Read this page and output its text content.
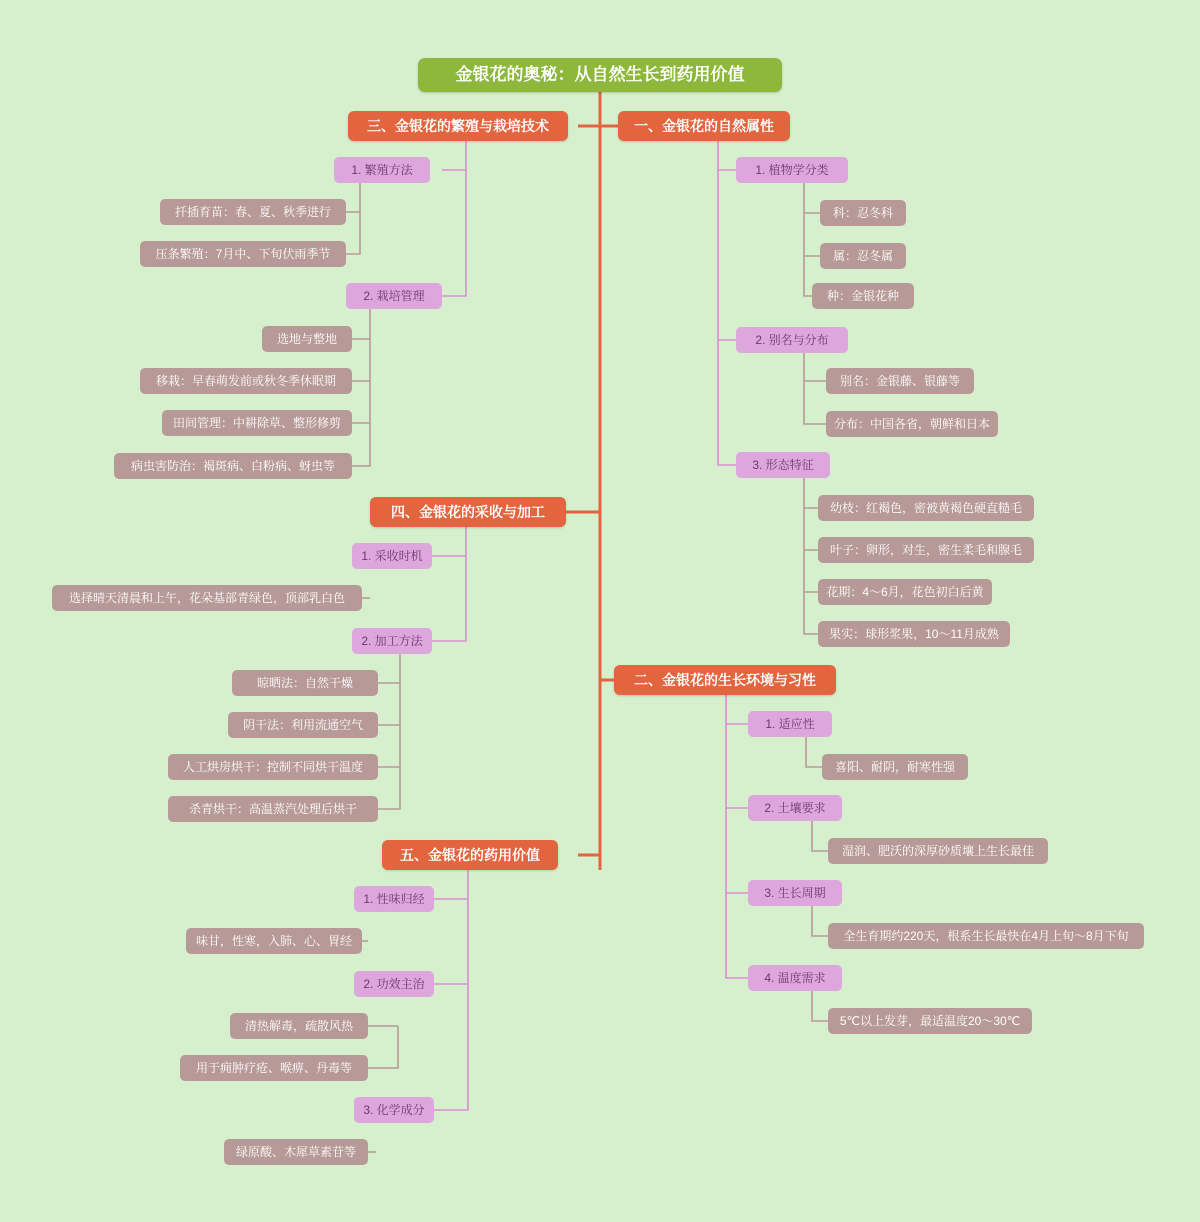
金银花的奥秘：从自然生长到药用价值
一、金银花的自然属性
1. 植物学分类
科：忍冬科
属：忍冬属
种：金银花种
2. 别名与分布
别名：金银藤、银藤等
分布：中国各省，朝鲜和日本
3. 形态特征
幼枝：红褐色，密被黄褐色硬直糙毛
叶子：卵形，对生，密生柔毛和腺毛
花期：4～6月，花色初白后黄
果实：球形浆果，10～11月成熟
二、金银花的生长环境与习性
1. 适应性
喜阳、耐阴，耐寒性强
2. 土壤要求
湿润、肥沃的深厚砂质壤上生长最佳
3. 生长周期
全生育期约220天，根系生长最快在4月上旬～8月下旬
4. 温度需求
5℃以上发芽，最适温度20～30℃
三、金银花的繁殖与栽培技术
1. 繁殖方法
扦插育苗：春、夏、秋季进行
压条繁殖：7月中、下旬伏雨季节
2. 栽培管理
选地与整地
移栽：早春萌发前或秋冬季休眠期
田间管理：中耕除草、整形修剪
病虫害防治：褐斑病、白粉病、蚜虫等
四、金银花的采收与加工
1. 采收时机
选择晴天清晨和上午，花朵基部青绿色，顶部乳白色
2. 加工方法
晾晒法：自然干燥
阴干法：利用流通空气
人工烘房烘干：控制不同烘干温度
杀青烘干：高温蒸汽处理后烘干
五、金银花的药用价值
1. 性味归经
味甘，性寒，入肺、心、胃经
2. 功效主治
清热解毒，疏散风热
用于痈肿疗疮、喉痹、丹毒等
3. 化学成分
绿原酸、木犀草素苷等
